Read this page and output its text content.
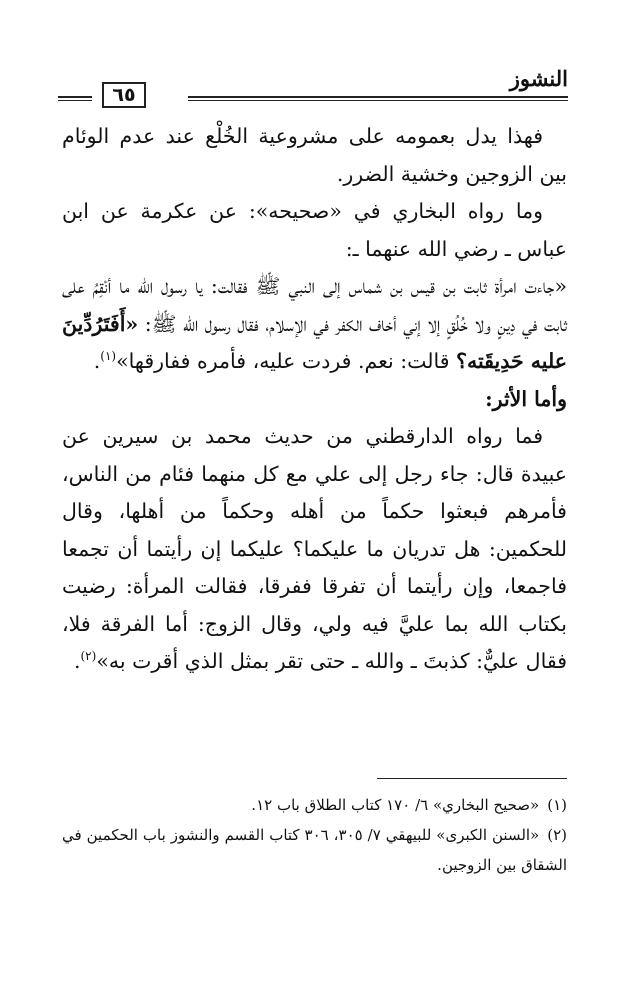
النشوز
٦٥

فهذا يدل بعمومه على مشروعية الخُلْع عند عدم الوئام بين الزوجين وخشية الضرر.

وما رواه البخاري في «صحيحه»: عن عكرمة عن ابن عباس ـ رضي الله عنهما ـ:

«جاءت امرأة ثابت بن قيس بن شماس إلى النبي ﷺ فقالت: يا رسول الله ما أنْقِمُ على ثابت في دِينٍ ولا خُلُقٍ إلا إني أخاف الكفر في الإسلام، فقال رسول الله ﷺ: «أَفَتَرُدِّينَ عليه حَدِيقَته؟ قالت: نعم. فردت عليه، فأمره ففارقها»$^{(١)}$.

وأما الأثر:

فما رواه الدارقطني من حديث محمد بن سيرين عن عبيدة قال: جاء رجل إلى علي مع كل منهما فئام من الناس، فأمرهم فبعثوا حكماً من أهله وحكماً من أهلها، وقال للحكمين: هل تدريان ما عليكما؟ عليكما إن رأيتما أن تجمعا فاجمعا، وإن رأيتما أن تفرقا ففرقا، فقالت المرأة: رضيت بكتاب الله بما عليَّ فيه ولي، وقال الزوج: أما الفرقة فلا، فقال عليٌّ: كذبتَ ـ والله ـ حتى تقر بمثل الذي أقرت به»$^{(٢)}$.

(١)«صحيح البخاري» ٦/ ١٧٠ كتاب الطلاق باب ١٢.

(٢)«السنن الكبرى» للبيهقي ٧/ ٣٠٥، ٣٠٦ كتاب القسم والنشوز باب الحكمين في الشقاق بين الزوجين.
